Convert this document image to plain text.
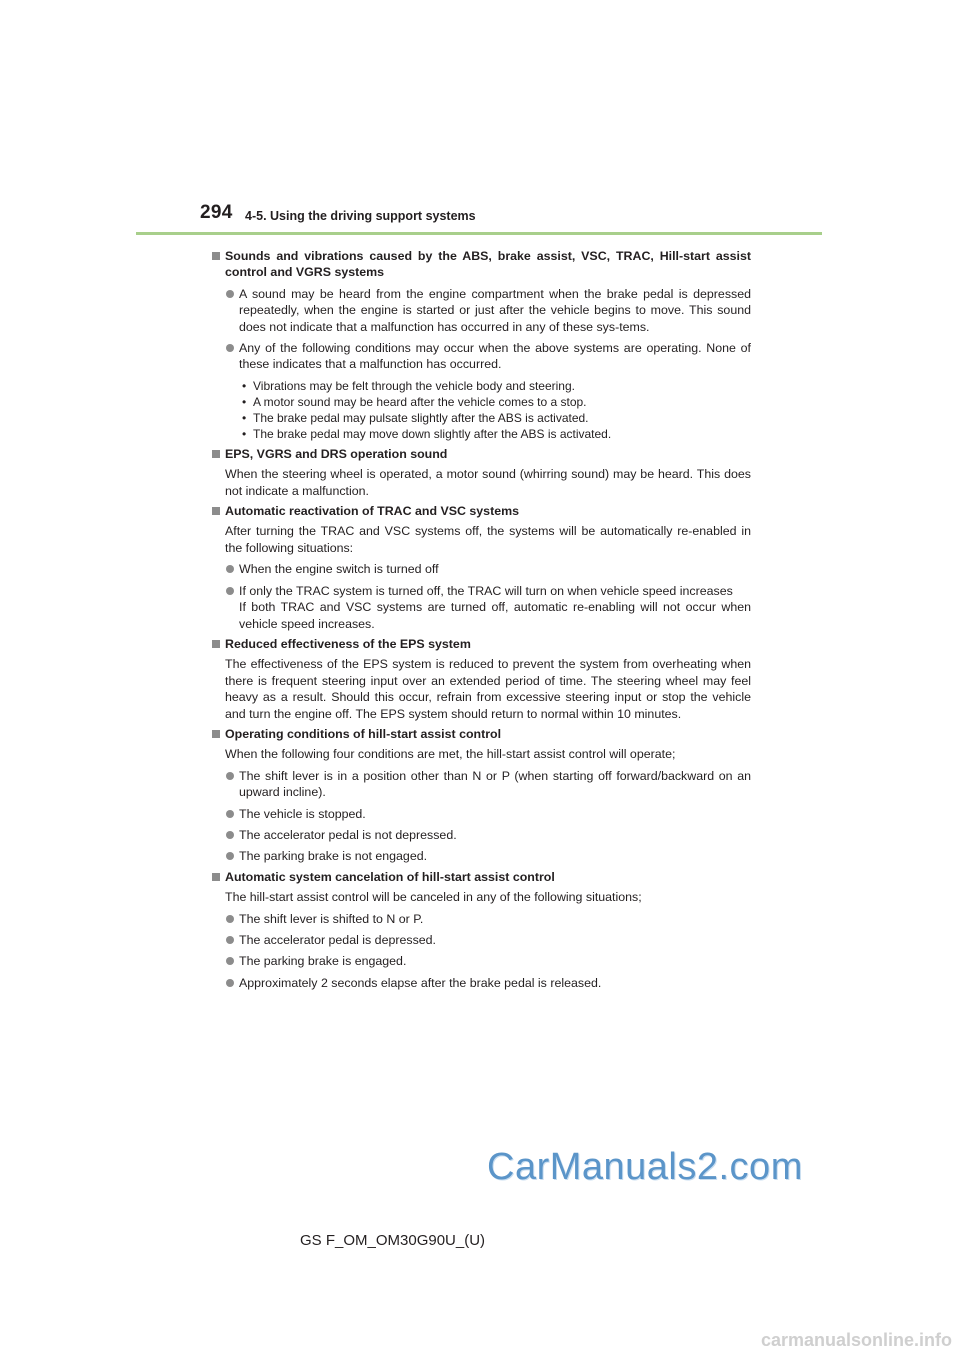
294 4-5. Using the driving support systems
Sounds and vibrations caused by the ABS, brake assist, VSC, TRAC, Hill-start assist control and VGRS systems
A sound may be heard from the engine compartment when the brake pedal is depressed repeatedly, when the engine is started or just after the vehicle begins to move. This sound does not indicate that a malfunction has occurred in any of these sys-tems.
Any of the following conditions may occur when the above systems are operating. None of these indicates that a malfunction has occurred.
• Vibrations may be felt through the vehicle body and steering.
• A motor sound may be heard after the vehicle comes to a stop.
• The brake pedal may pulsate slightly after the ABS is activated.
• The brake pedal may move down slightly after the ABS is activated.
EPS, VGRS and DRS operation sound
When the steering wheel is operated, a motor sound (whirring sound) may be heard. This does not indicate a malfunction.
Automatic reactivation of TRAC and VSC systems
After turning the TRAC and VSC systems off, the systems will be automatically re-enabled in the following situations:
When the engine switch is turned off
If only the TRAC system is turned off, the TRAC will turn on when vehicle speed increases
If both TRAC and VSC systems are turned off, automatic re-enabling will not occur when vehicle speed increases.
Reduced effectiveness of the EPS system
The effectiveness of the EPS system is reduced to prevent the system from overheating when there is frequent steering input over an extended period of time. The steering wheel may feel heavy as a result. Should this occur, refrain from excessive steering input or stop the vehicle and turn the engine off. The EPS system should return to normal within 10 minutes.
Operating conditions of hill-start assist control
When the following four conditions are met, the hill-start assist control will operate;
The shift lever is in a position other than N or P (when starting off forward/backward on an upward incline).
The vehicle is stopped.
The accelerator pedal is not depressed.
The parking brake is not engaged.
Automatic system cancelation of hill-start assist control
The hill-start assist control will be canceled in any of the following situations;
The shift lever is shifted to N or P.
The accelerator pedal is depressed.
The parking brake is engaged.
Approximately 2 seconds elapse after the brake pedal is released.
CarManuals2.com
GS F_OM_OM30G90U_(U)
carmanualsonline.info
